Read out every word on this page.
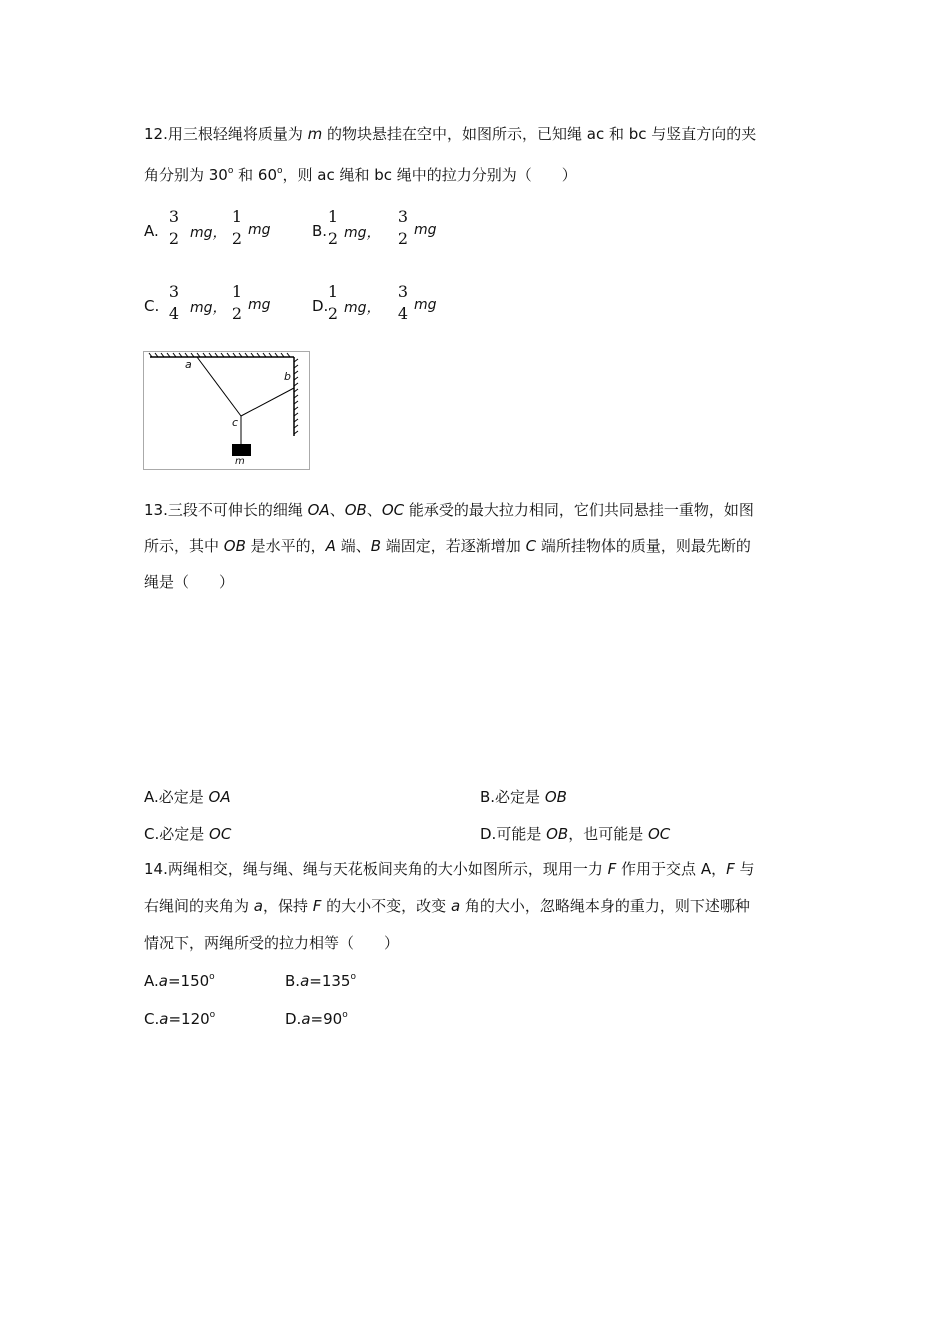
12.用三根轻绳将质量为 m 的物块悬挂在空中，如图所示，已知绳 ac 和 bc 与竖直方向的夹
角分别为 30$^o$ 和 60$^o$，则 ac 绳和 bc 绳中的拉力分别为（　　）
A.
3
2 mg，
1
2 mg	B.
1
2 mg，
3
2 mg
C.
3
4 mg，
1
2 mg	D.
1
2 mg，
3
4 mg
a
b
c
m
13.三段不可伸长的细绳 OA、OB、OC 能承受的最大拉力相同，它们共同悬挂一重物，如图
所示，其中 OB 是水平的，A 端、B 端固定，若逐渐增加 C 端所挂物体的质量，则最先断的
绳是（　　）
A.必定是 OA	B.必定是 OB
C.必定是 OC	D.可能是 OB，也可能是 OC
14.两绳相交，绳与绳、绳与天花板间夹角的大小如图所示，现用一力 F 作用于交点 A，F 与
右绳间的夹角为 a，保持 F 的大小不变，改变 a 角的大小，忽略绳本身的重力，则下述哪种
情况下，两绳所受的拉力相等（　　）
$A.a=150^o$	$B.a=135^o$
$C.a=120^o$	$D.a=90^o$
